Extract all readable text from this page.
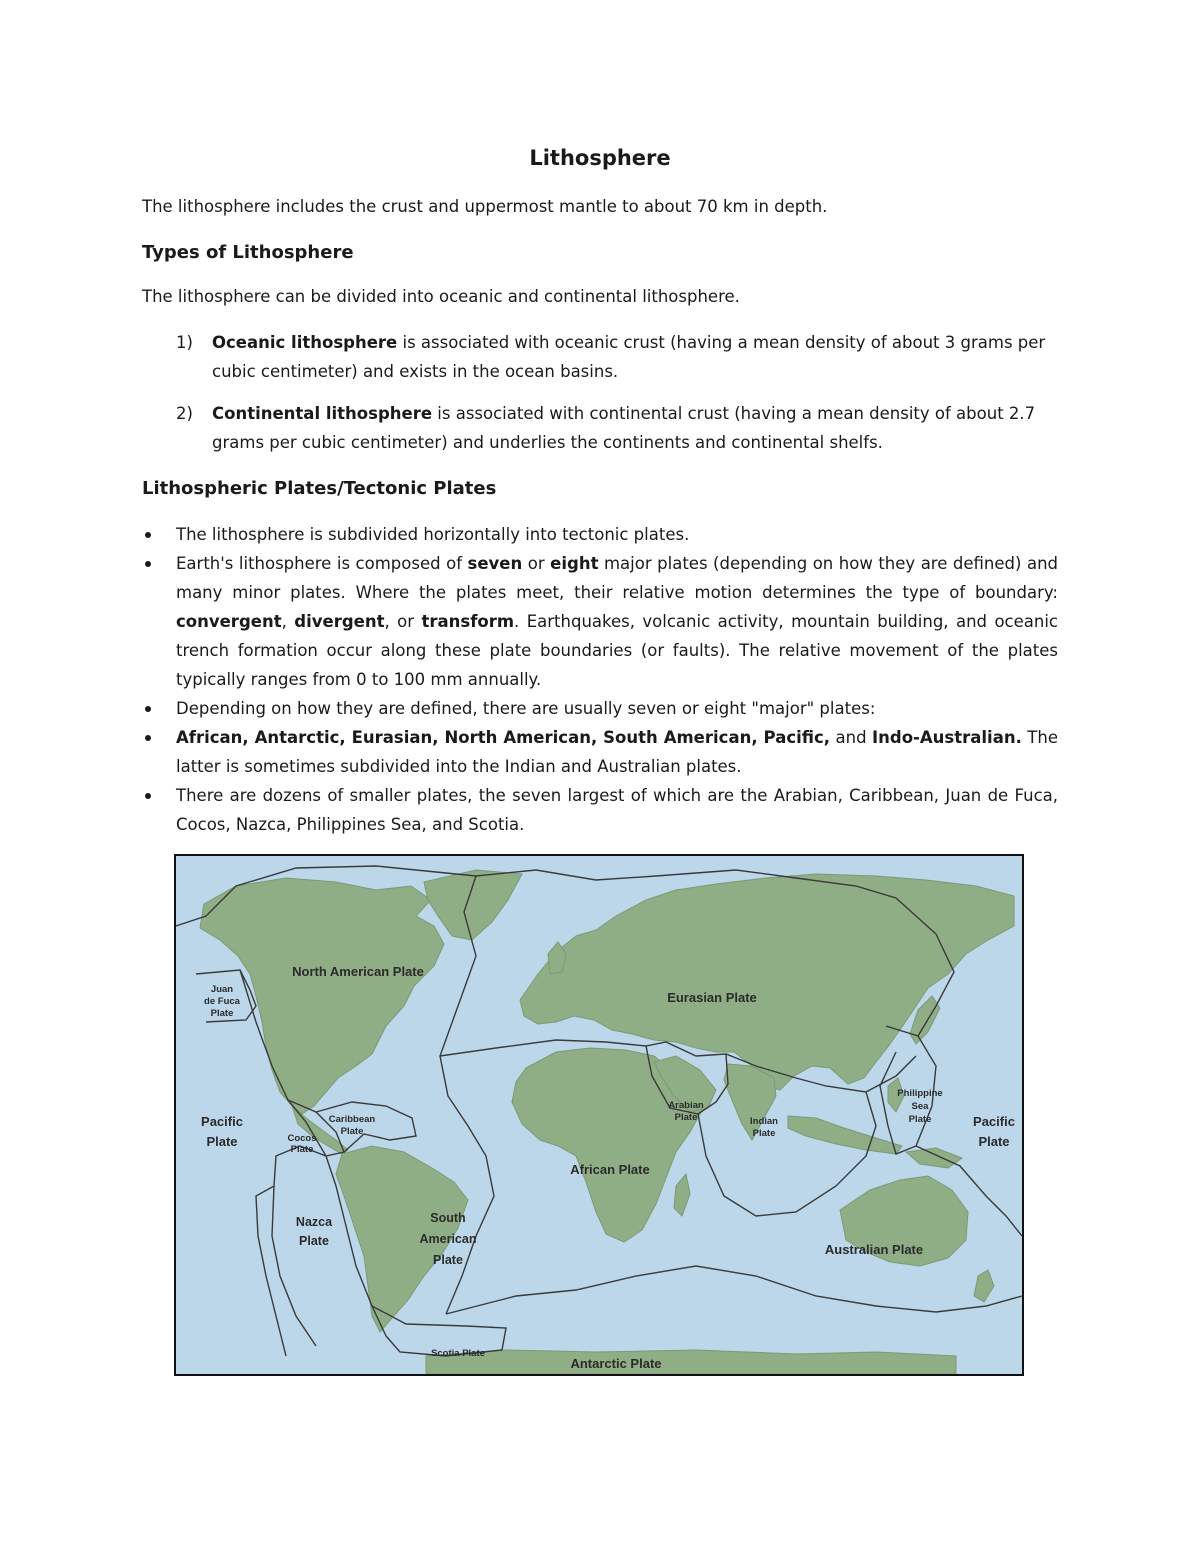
Lithosphere

The lithosphere includes the crust and uppermost mantle to about 70 km in depth.

Types of Lithosphere

The lithosphere can be divided into oceanic and continental lithosphere.

1) Oceanic lithosphere is associated with oceanic crust (having a mean density of about 3 grams per cubic centimeter) and exists in the ocean basins.

2) Continental lithosphere is associated with continental crust (having a mean density of about 2.7 grams per cubic centimeter) and underlies the continents and continental shelfs.

Lithospheric Plates/Tectonic Plates

The lithosphere is subdivided horizontally into tectonic plates.

Earth's lithosphere is composed of seven or eight major plates (depending on how they are defined) and many minor plates. Where the plates meet, their relative motion determines the type of boundary: convergent, divergent, or transform. Earthquakes, volcanic activity, mountain building, and oceanic trench formation occur along these plate boundaries (or faults). The relative movement of the plates typically ranges from 0 to 100 mm annually.

Depending on how they are defined, there are usually seven or eight "major" plates:

African, Antarctic, Eurasian, North American, South American, Pacific, and Indo-Australian. The latter is sometimes subdivided into the Indian and Australian plates.

There are dozens of smaller plates, the seven largest of which are the Arabian, Caribbean, Juan de Fuca, Cocos, Nazca, Philippines Sea, and Scotia.

North American Plate
Juan
de Fuca
Plate
Eurasian Plate
Pacific
Plate
Caribbean
Plate
Cocos
Plate
Arabian
Plate	Indian
Plate
Philippine
Sea
Plate	Pacific
Plate
African Plate
Nazca
Plate
South
American
Plate
Australian Plate
Scotia Plate
Antarctic Plate
